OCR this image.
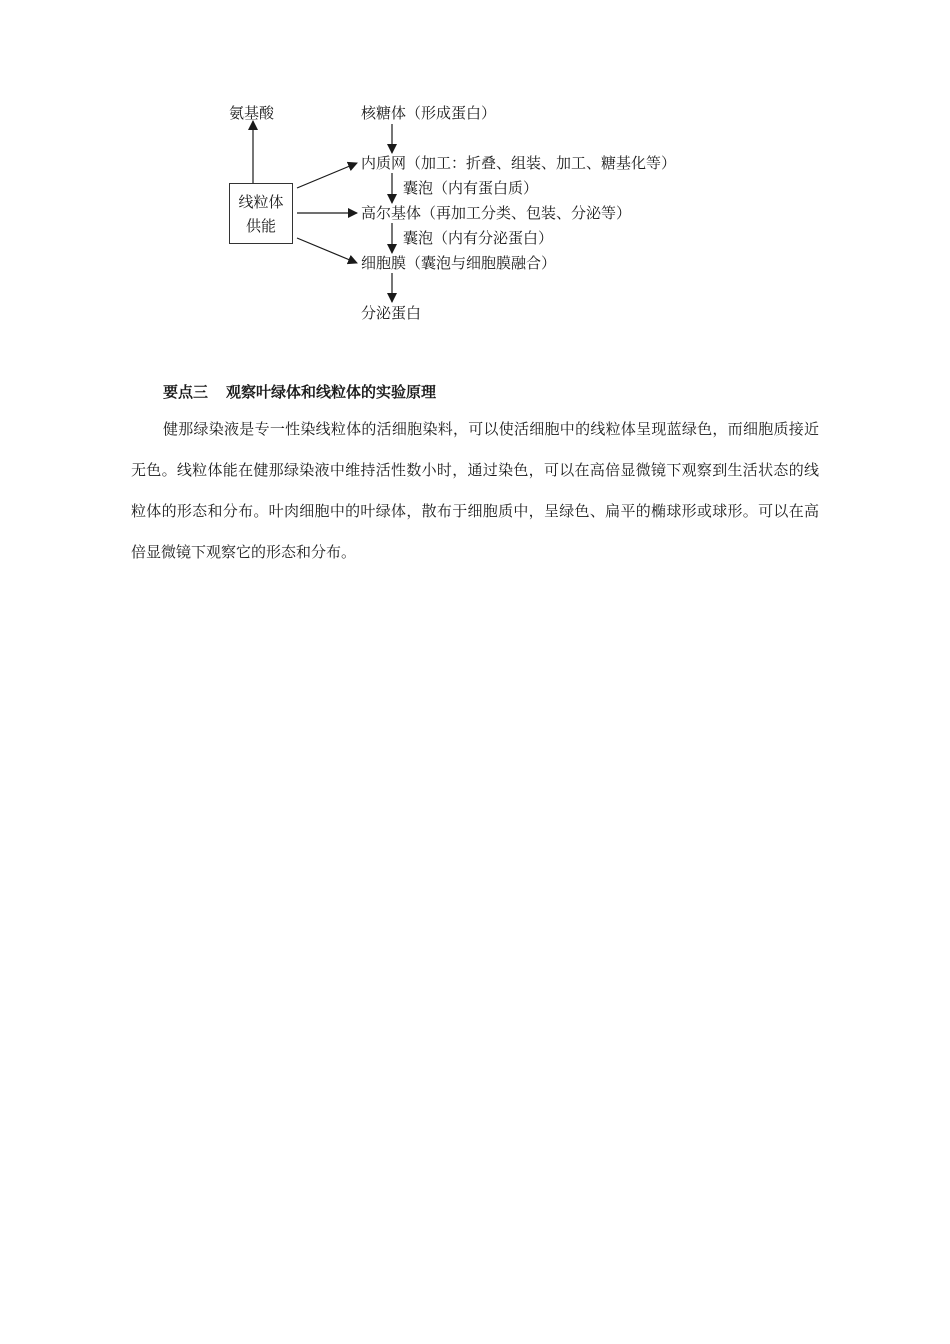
氨基酸	核糖体（形成蛋白）
内质网（加工：折叠、组装、加工、糖基化等）
囊泡（内有蛋白质）
高尔基体（再加工分类、包装、分泌等）
囊泡（内有分泌蛋白）
细胞膜（囊泡与细胞膜融合）
分泌蛋白
线粒体
供能
要点三 观察叶绿体和线粒体的实验原理

健那绿染液是专一性染线粒体的活细胞染料，可以使活细胞中的线粒体呈现蓝绿色，而细胞质接近无色。线粒体能在健那绿染液中维持活性数小时，通过染色，可以在高倍显微镜下观察到生活状态的线粒体的形态和分布。叶肉细胞中的叶绿体，散布于细胞质中，呈绿色、扁平的椭球形或球形。可以在高倍显微镜下观察它的形态和分布。
